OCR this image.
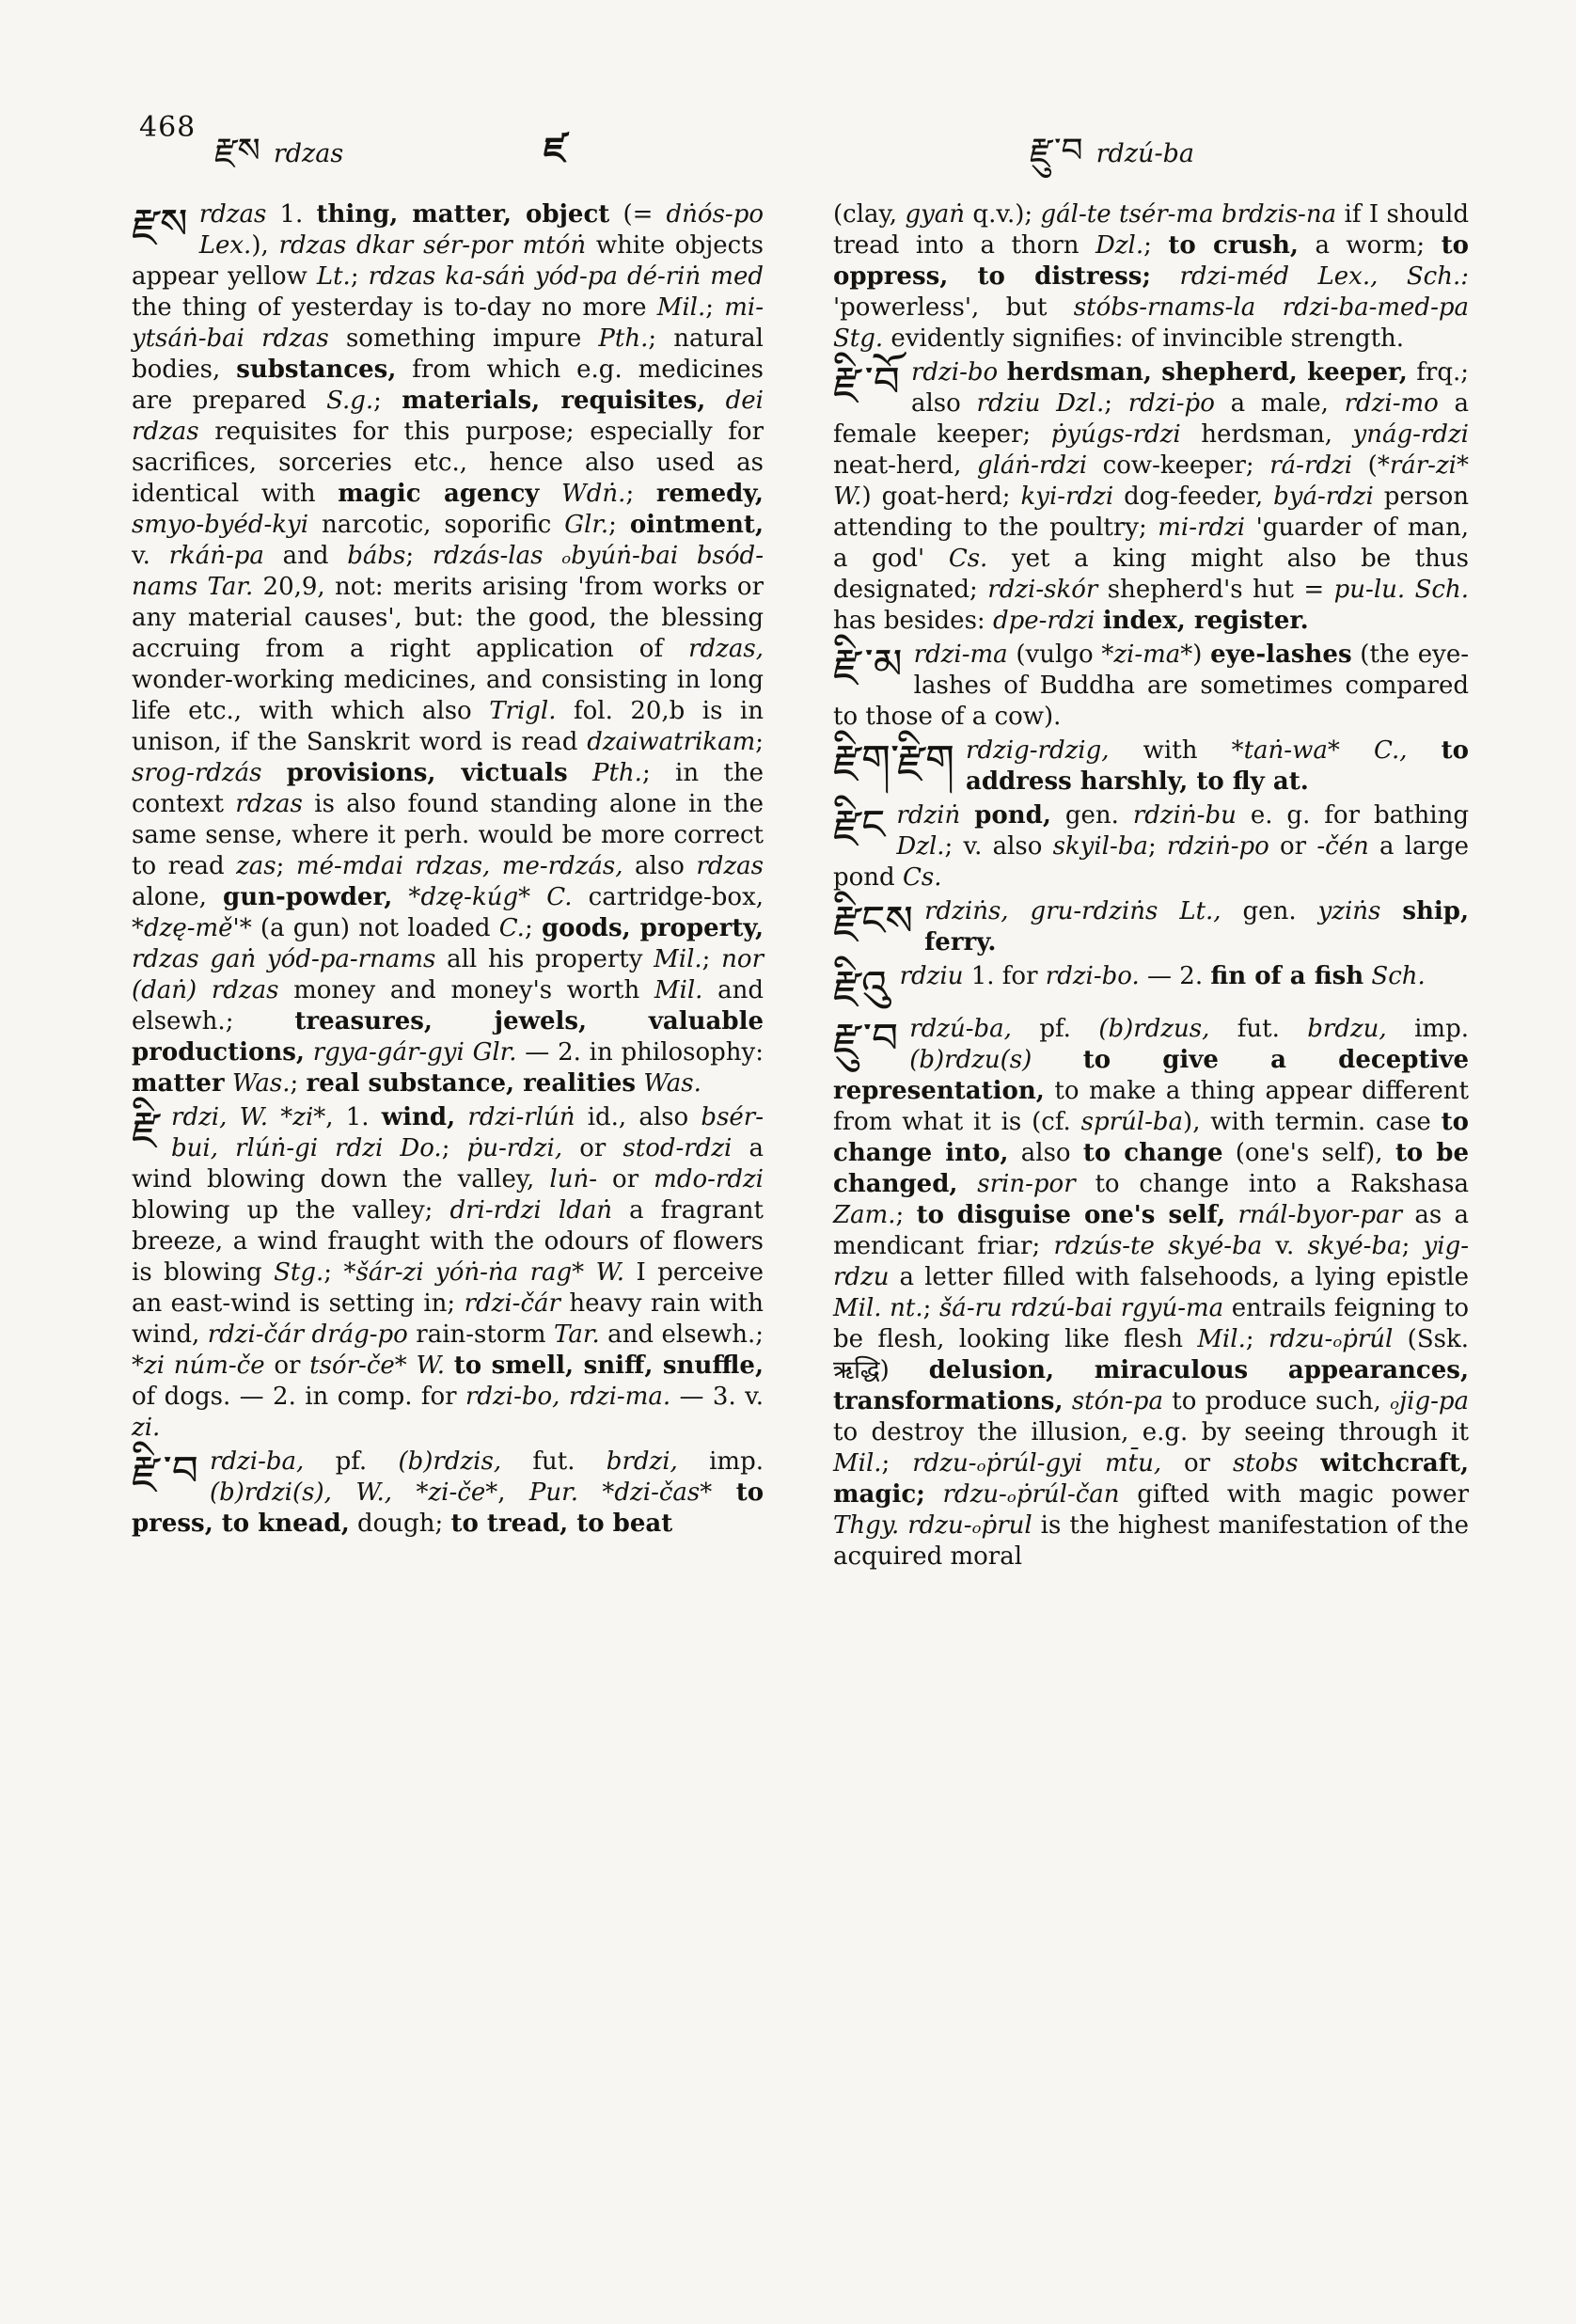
468
རྫས rdzas	ཛ	རྫུ་བ rdzú-ba
རྫས rdzas 1. thing, matter, object (= dṅós-po Lex.), rdzas dkar sér-por mtóṅ white objects appear yellow Lt.; rdzas ka-sáṅ yód-pa dé-riṅ med the thing of yesterday is to-day no more Mil.; mi-ytsáṅ-bai rdzas something impure Pth.; natural bodies, substances, from which e.g. medicines are prepared S.g.; materials, requisites, dei rdzas requisites for this purpose; especially for sacrifices, sorceries etc., hence also used as identical with magic agency Wdṅ.; remedy, smyo-byéd-kyi narcotic, soporific Glr.; ointment, v. rkáṅ-pa and bábs; rdzás-las ₒbyúṅ-bai bsód-nams Tar. 20,9, not: merits arising 'from works or any material causes', but: the good, the blessing accruing from a right application of rdzas, wonder-working medicines, and consisting in long life etc., with which also Trigl. fol. 20,b is in unison, if the Sanskrit word is read dzaiwatrikam; srog-rdzás provisions, victuals Pth.; in the context rdzas is also found standing alone in the same sense, where it perh. would be more correct to read zas; mé-mdai rdzas, me-rdzás, also rdzas alone, gun-powder, *dzę-kúg* C. cartridge-box, *dzę-mě'* (a gun) not loaded C.; goods, property, rdzas gaṅ yód-pa-rnams all his property Mil.; nor (daṅ) rdzas money and money's worth Mil. and elsewh.; treasures, jewels, valuable productions, rgya-gár-gyi Glr. — 2. in philosophy: matter Was.; real substance, realities Was.
རྫིrdzi, W. *zi*, 1. wind, rdzi-rlúṅ id., also bsér-bui, rlúṅ-gi rdzi Do.; ṗu-rdzi, or stod-rdzi a wind blowing down the valley, luṅ- or mdo-rdzi blowing up the valley; dri-rdzi ldaṅ a fragrant breeze, a wind fraught with the odours of flowers is blowing Stg.; *šár-zi yóṅ-ṅa rag* W. I perceive an east-wind is setting in; rdzi-čár heavy rain with wind, rdzi-čár drág-po rain-storm Tar. and elsewh.; *zi núm-če or tsór-če* W. to smell, sniff, snuffle, of dogs. — 2. in comp. for rdzi-bo, rdzi-ma. — 3. v. zi.
རྫི་བ rdzi-ba, pf. (b)rdzis, fut. brdzi, imp. (b)rdzi(s), W., *zi-če*, Pur. *dzi-čas* to press, to knead, dough; to tread, to beat
(clay, gyaṅ q.v.); gál-te tsér-ma brdzis-na if I should tread into a thorn Dzl.; to crush, a worm; to oppress, to distress; rdzi-méd Lex., Sch.: 'powerless', but stóbs-rnams-la rdzi-ba-med-pa Stg. evidently signifies: of invincible strength.
རྫི་བོ rdzi-bo herdsman, shepherd, keeper, frq.; also rdziu Dzl.; rdzi-ṗo a male, rdzi-mo a female keeper; ṗyúgs-rdzi herdsman, ynág-rdzi neat-herd, gláṅ-rdzi cow-keeper; rá-rdzi (*rár-zi* W.) goat-herd; kyi-rdzi dog-feeder, byá-rdzi person attending to the poultry; mi-rdzi 'guarder of man, a god' Cs. yet a king might also be thus designated; rdzi-skór shepherd's hut = pu-lu. Sch. has besides: dpe-rdzi index, register.
རྫི་མ rdzi-ma (vulgo *zi-ma*) eye-lashes (the eye-lashes of Buddha are sometimes compared to those of a cow).
རྫིག་རྫིག rdzig-rdzig, with *taṅ-wa* C., to address harshly, to fly at.
རྫིང rdziṅ pond, gen. rdziṅ-bu e. g. for bathing Dzl.; v. also skyil-ba; rdziṅ-po or -čén a large pond Cs.
རྫིངས rdziṅs, gru-rdziṅs Lt., gen. yziṅs ship, ferry.
རྫིའུ rdziu 1. for rdzi-bo. — 2. fin of a fish Sch.
རྫུ་བ rdzú-ba, pf. (b)rdzus, fut. brdzu, imp. (b)rdzu(s) to give a deceptive representation, to make a thing appear different from what it is (cf. sprúl-ba), with termin. case to change into, also to change (one's self), to be changed, srin-por to change into a Rakshasa Zam.; to disguise one's self, rnál-byor-par as a mendicant friar; rdzús-te skyé-ba v. skyé-ba; yig-rdzu a letter filled with falsehoods, a lying epistle Mil. nt.; šá-ru rdzú-bai rgyú-ma entrails feigning to be flesh, looking like flesh Mil.; rdzu-ₒṗrúl (Ssk. ऋद्धि) delusion, miraculous appearances, transformations, stón-pa to produce such, ₒjig-pa to destroy the illusion, e.g. by seeing through it Mil.; rdzu-ₒṗrúl-gyi mt̄u, or stobs witchcraft, magic; rdzu-ₒṗrúl-čan gifted with magic power Thgy. rdzu-ₒṗrul is the highest manifestation of the acquired moral
